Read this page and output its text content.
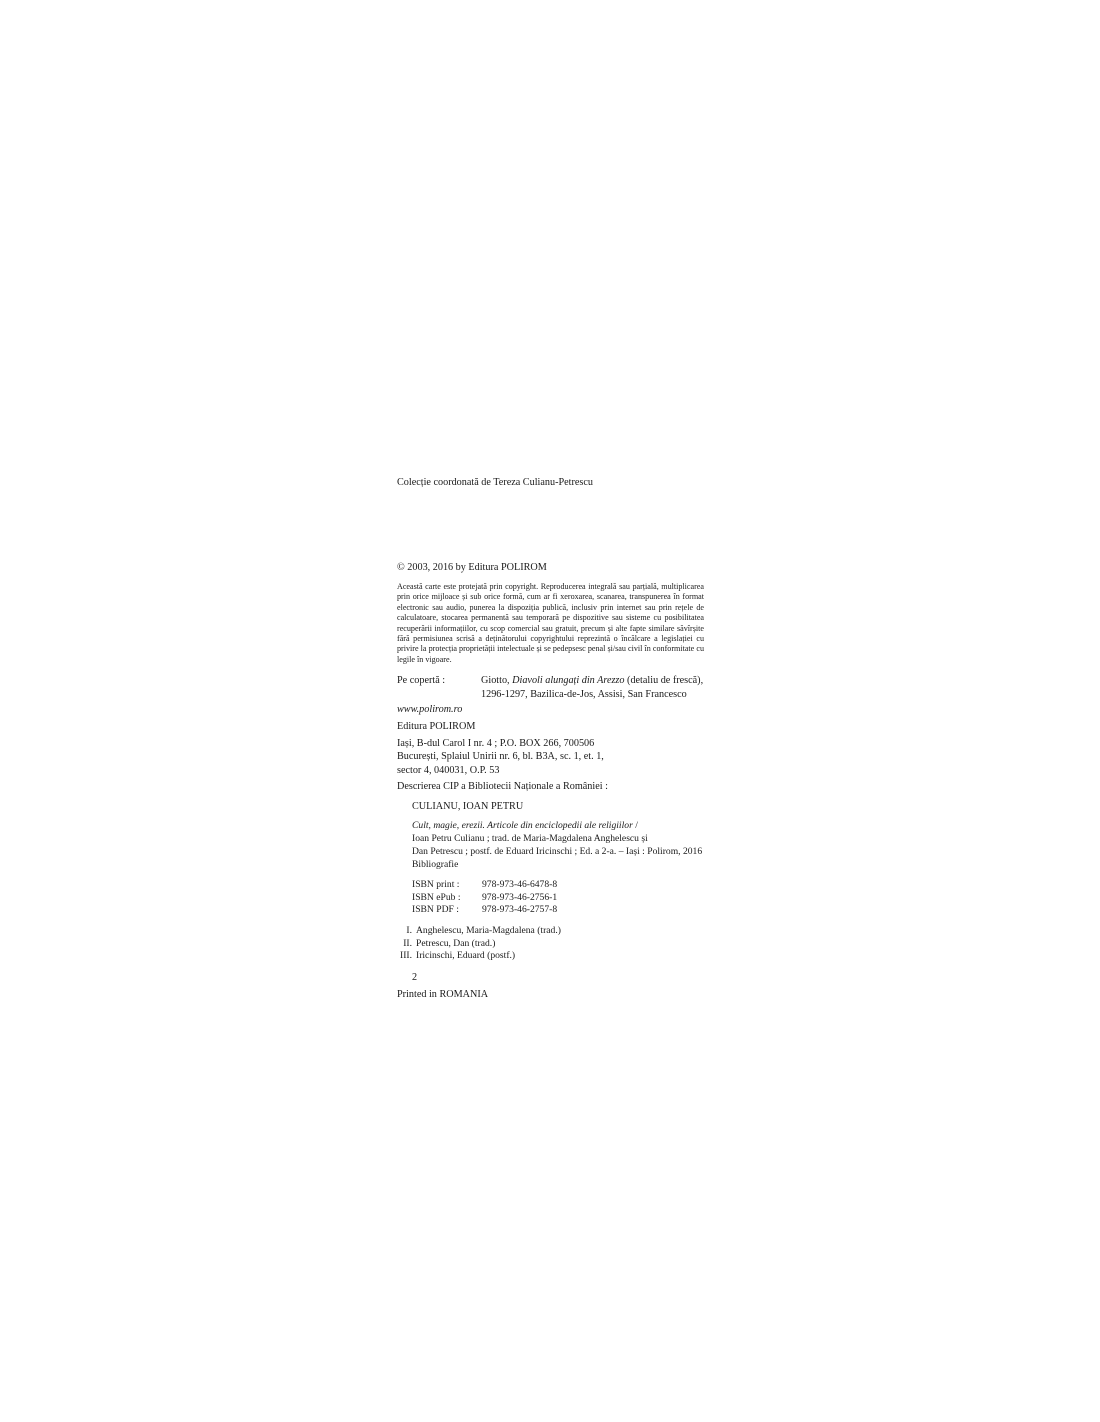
Colecție coordonată de Tereza Culianu-Petrescu
© 2003, 2016 by Editura POLIROM
Această carte este protejată prin copyright. Reproducerea integrală sau parțială, multiplicarea prin orice mijloace și sub orice formă, cum ar fi xeroxarea, scanarea, transpunerea în format electronic sau audio, punerea la dispoziția publică, inclusiv prin internet sau prin rețele de calculatoare, stocarea permanentă sau temporară pe dispozitive sau sisteme cu posibilitatea recuperării informațiilor, cu scop comercial sau gratuit, precum și alte fapte similare săvîrșite fără permisiunea scrisă a deținătorului copyrightului reprezintă o încălcare a legislației cu privire la protecția proprietății intelectuale și se pedepsesc penal și/sau civil în conformitate cu legile în vigoare.
Pe copertă :	Giotto, Diavoli alungați din Arezzo (detaliu de frescă),
1296-1297, Bazilica-de-Jos, Assisi, San Francesco
www.polirom.ro
Editura POLIROM
Iași, B-dul Carol I nr. 4 ; P.O. BOX 266, 700506
București, Splaiul Unirii nr. 6, bl. B3A, sc. 1, et. 1,
sector 4, 040031, O.P. 53
Descrierea CIP a Bibliotecii Naționale a României :
CULIANU, IOAN PETRU
Cult, magie, erezii. Articole din enciclopedii ale religiilor /
Ioan Petru Culianu ; trad. de Maria-Magdalena Anghelescu și
Dan Petrescu ; postf. de Eduard Iricinschi ; Ed. a 2-a. – Iași : Polirom, 2016
Bibliografie
ISBN print : 978-973-46-6478-8
ISBN ePub : 978-973-46-2756-1
ISBN PDF : 978-973-46-2757-8
I. Anghelescu, Maria-Magdalena (trad.)
II. Petrescu, Dan (trad.)
III. Iricinschi, Eduard (postf.)
2
Printed in ROMANIA
